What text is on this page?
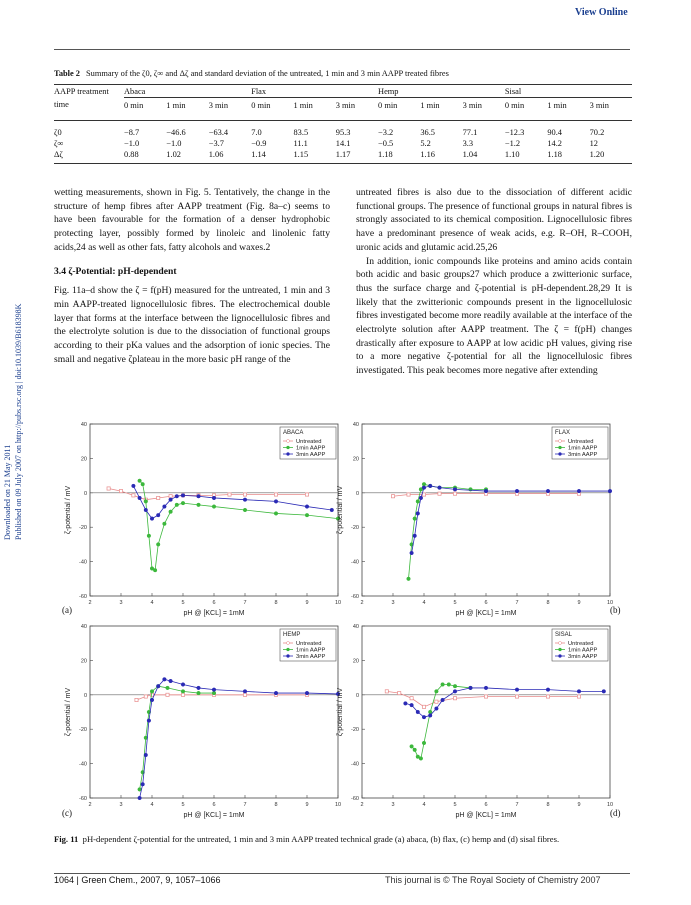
View Online
Downloaded on 21 May 2011 Published on 09 July 2007 on http://pubs.rsc.org | doi:10.1039/B618398K
Table 2 Summary of the ζ0, ζ∞ and Δζ and standard deviation of the untreated, 1 min and 3 min AAPP treated fibres
AAPP treatment	Abaca			Flax			Hemp			Sisal		
time	0 min	1 min	3 min	0 min	1 min	3 min	0 min	1 min	3 min	0 min	1 min	3 min

ζ0	−8.7	−46.6	−63.4	7.0	83.5	95.3	−3.2	36.5	77.1	−12.3	90.4	70.2
ζ∞	−1.0	−1.0	−3.7	−0.9	11.1	14.1	−0.5	5.2	3.3	−1.2	14.2	12
Δζ	0.88	1.02	1.06	1.14	1.15	1.17	1.18	1.16	1.04	1.10	1.18	1.20

wetting measurements, shown in Fig. 5. Tentatively, the change in the structure of hemp fibres after AAPP treatment (Fig. 8a–c) seems to have been favourable for the formation of a denser hydrophobic protecting layer, possibly formed by linoleic and linolenic fatty acids,24 as well as other fats, fatty alcohols and waxes.2

3.4 ζ-Potential: pH-dependent

Fig. 11a–d show the ζ = f(pH) measured for the untreated, 1 min and 3 min AAPP-treated lignocellulosic fibres. The electrochemical double layer that forms at the interface between the lignocellulosic fibres and the electrolyte solution is due to the dissociation of functional groups according to their pKa values and the adsorption of ionic species. The small and negative ζplateau in the more basic pH range of the

untreated fibres is also due to the dissociation of different acidic functional groups. The presence of functional groups in natural fibres is strongly associated to its chemical composition. Lignocellulosic fibres have a predominant presence of weak acids, e.g. R–OH, R–COOH, uronic acids and glutamic acid.25,26

In addition, ionic compounds like proteins and amino acids contain both acidic and basic groups27 which produce a zwitterionic surface, thus the surface charge and ζ-potential is pH-dependent.28,29 It is likely that the zwitterionic compounds present in the lignocellulosic fibres investigated become more readily available at the interface of the electrolyte solution after AAPP treatment. The ζ = f(pH) changes drastically after exposure to AAPP at low acidic pH values, giving rise to a more negative ζ-potential for all the lignocellulosic fibres investigated. This peak becomes more negative after extending

2	3	4	5	6	7	8	9	10
-60
-40
-20
0
20
40
pH @ [KCL] = 1mM
ζ-potential / mV
ABACA
Untreated
1min AAPP
3min AAPP
2	3	4	5	6	7	8	9	10
-60
-40
-20
0
20
40
pH @ [KCL] = 1mM
ζ-potential / mV
FLAX
Untreated
1min AAPP
3min AAPP
2	3	4	5	6	7	8	9	10
-60
-40
-20
0
20
40
pH @ [KCL] = 1mM
ζ-potential / mV
HEMP
Untreated
1min AAPP
3min AAPP
2	3	4	5	6	7	8	9	10
-60
-40
-20
0
20
40
pH @ [KCL] = 1mM
ζ-potential / mV
SISAL
Untreated
1min AAPP
3min AAPP
(a)	(b)
(c)	(d)
Fig. 11 pH-dependent ζ-potential for the untreated, 1 min and 3 min AAPP treated technical grade (a) abaca, (b) flax, (c) hemp and (d) sisal fibres.
1064 | Green Chem., 2007, 9, 1057–1066	This journal is © The Royal Society of Chemistry 2007
